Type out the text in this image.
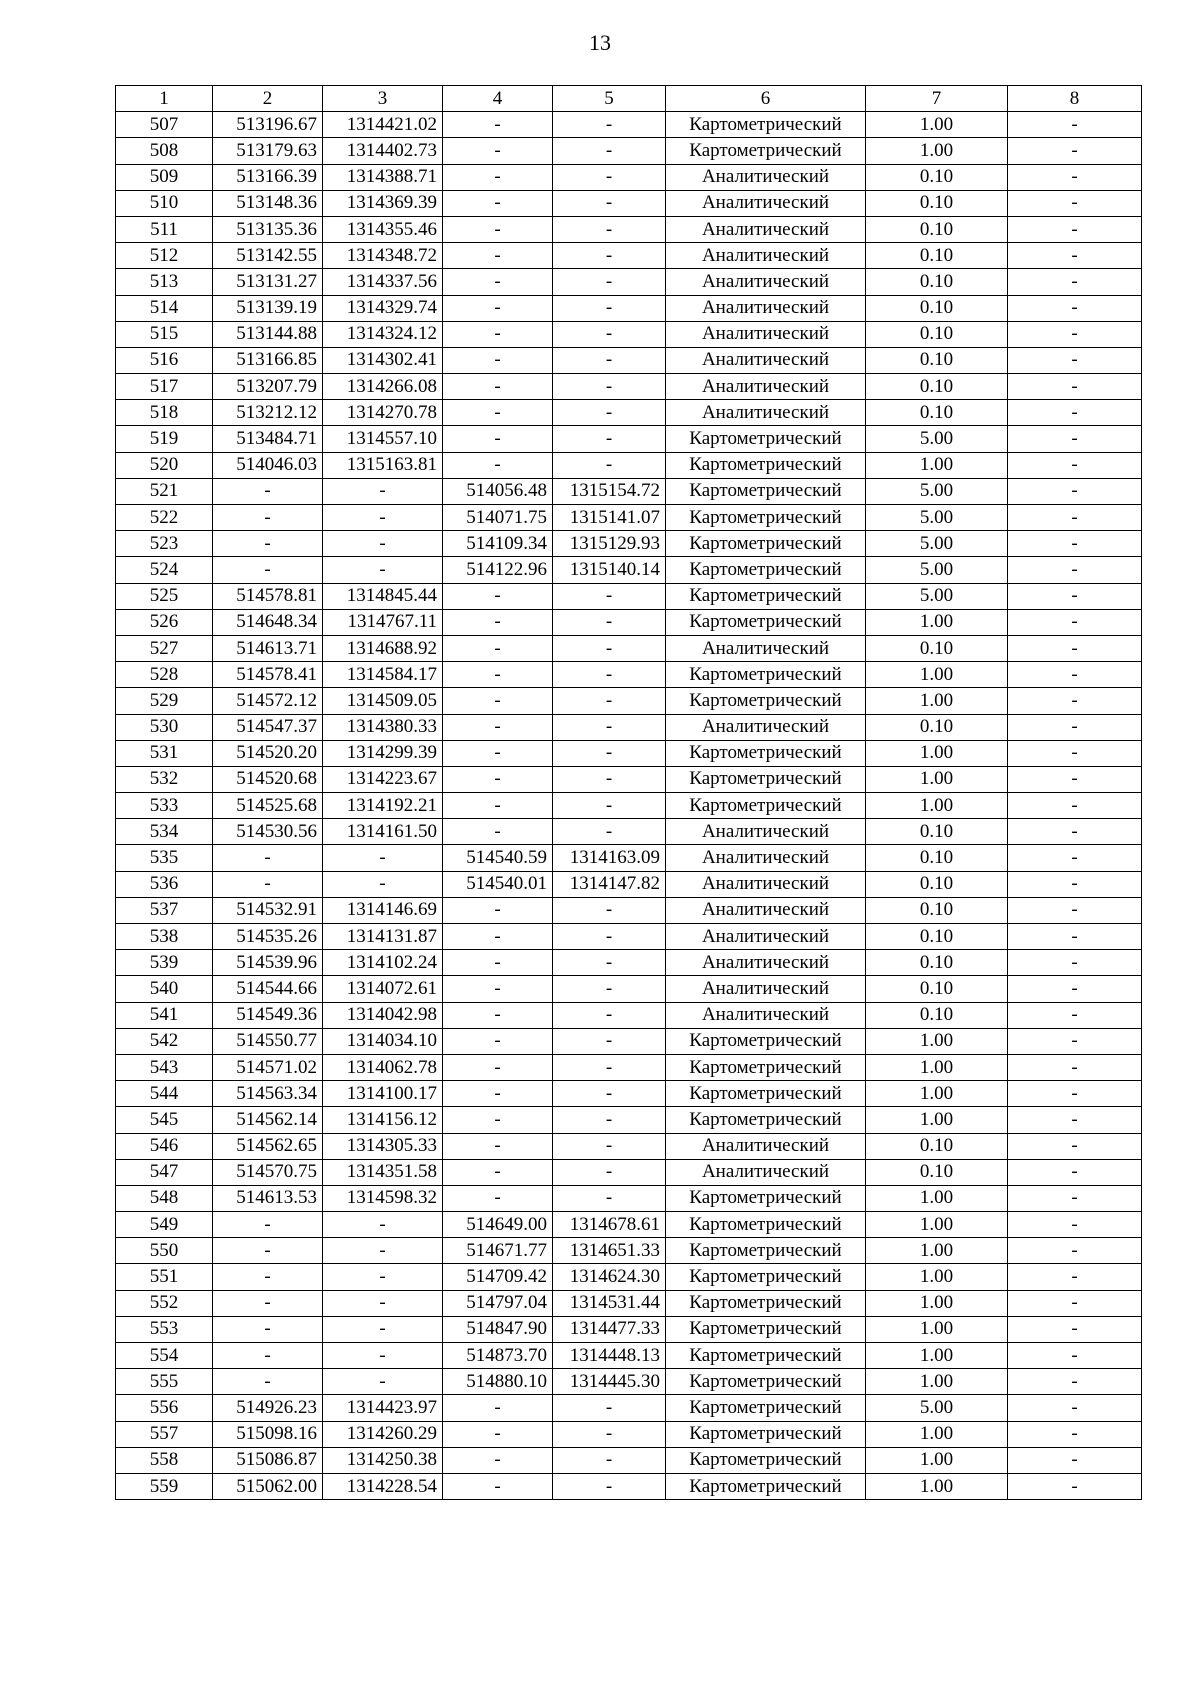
13
1	2	3	4	5	6	7	8
507	513196.67	1314421.02	-	-	Картометрический	1.00	-
508	513179.63	1314402.73	-	-	Картометрический	1.00	-
509	513166.39	1314388.71	-	-	Аналитический	0.10	-
510	513148.36	1314369.39	-	-	Аналитический	0.10	-
511	513135.36	1314355.46	-	-	Аналитический	0.10	-
512	513142.55	1314348.72	-	-	Аналитический	0.10	-
513	513131.27	1314337.56	-	-	Аналитический	0.10	-
514	513139.19	1314329.74	-	-	Аналитический	0.10	-
515	513144.88	1314324.12	-	-	Аналитический	0.10	-
516	513166.85	1314302.41	-	-	Аналитический	0.10	-
517	513207.79	1314266.08	-	-	Аналитический	0.10	-
518	513212.12	1314270.78	-	-	Аналитический	0.10	-
519	513484.71	1314557.10	-	-	Картометрический	5.00	-
520	514046.03	1315163.81	-	-	Картометрический	1.00	-
521	-	-	514056.48	1315154.72	Картометрический	5.00	-
522	-	-	514071.75	1315141.07	Картометрический	5.00	-
523	-	-	514109.34	1315129.93	Картометрический	5.00	-
524	-	-	514122.96	1315140.14	Картометрический	5.00	-
525	514578.81	1314845.44	-	-	Картометрический	5.00	-
526	514648.34	1314767.11	-	-	Картометрический	1.00	-
527	514613.71	1314688.92	-	-	Аналитический	0.10	-
528	514578.41	1314584.17	-	-	Картометрический	1.00	-
529	514572.12	1314509.05	-	-	Картометрический	1.00	-
530	514547.37	1314380.33	-	-	Аналитический	0.10	-
531	514520.20	1314299.39	-	-	Картометрический	1.00	-
532	514520.68	1314223.67	-	-	Картометрический	1.00	-
533	514525.68	1314192.21	-	-	Картометрический	1.00	-
534	514530.56	1314161.50	-	-	Аналитический	0.10	-
535	-	-	514540.59	1314163.09	Аналитический	0.10	-
536	-	-	514540.01	1314147.82	Аналитический	0.10	-
537	514532.91	1314146.69	-	-	Аналитический	0.10	-
538	514535.26	1314131.87	-	-	Аналитический	0.10	-
539	514539.96	1314102.24	-	-	Аналитический	0.10	-
540	514544.66	1314072.61	-	-	Аналитический	0.10	-
541	514549.36	1314042.98	-	-	Аналитический	0.10	-
542	514550.77	1314034.10	-	-	Картометрический	1.00	-
543	514571.02	1314062.78	-	-	Картометрический	1.00	-
544	514563.34	1314100.17	-	-	Картометрический	1.00	-
545	514562.14	1314156.12	-	-	Картометрический	1.00	-
546	514562.65	1314305.33	-	-	Аналитический	0.10	-
547	514570.75	1314351.58	-	-	Аналитический	0.10	-
548	514613.53	1314598.32	-	-	Картометрический	1.00	-
549	-	-	514649.00	1314678.61	Картометрический	1.00	-
550	-	-	514671.77	1314651.33	Картометрический	1.00	-
551	-	-	514709.42	1314624.30	Картометрический	1.00	-
552	-	-	514797.04	1314531.44	Картометрический	1.00	-
553	-	-	514847.90	1314477.33	Картометрический	1.00	-
554	-	-	514873.70	1314448.13	Картометрический	1.00	-
555	-	-	514880.10	1314445.30	Картометрический	1.00	-
556	514926.23	1314423.97	-	-	Картометрический	5.00	-
557	515098.16	1314260.29	-	-	Картометрический	1.00	-
558	515086.87	1314250.38	-	-	Картометрический	1.00	-
559	515062.00	1314228.54	-	-	Картометрический	1.00	-
